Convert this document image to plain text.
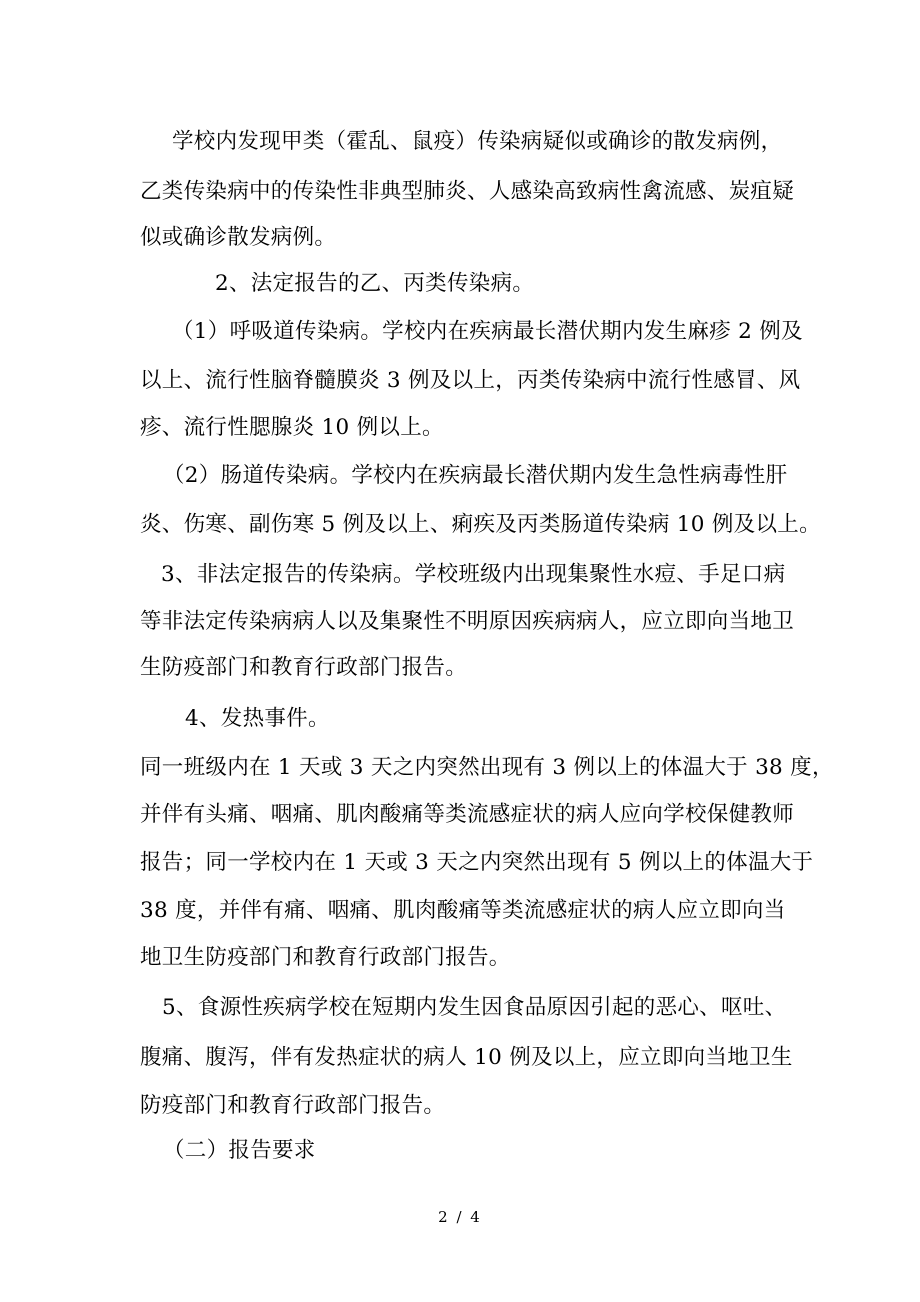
学校内发现甲类（霍乱、鼠疫）传染病疑似或确诊的散发病例，
乙类传染病中的传染性非典型肺炎、人感染高致病性禽流感、炭疽疑
似或确诊散发病例。
2、法定报告的乙、丙类传染病。
（1）呼吸道传染病。学校内在疾病最长潜伏期内发生麻疹 2 例及
以上、流行性脑脊髓膜炎 3 例及以上，丙类传染病中流行性感冒、风
疹、流行性腮腺炎 10 例以上。
（2）肠道传染病。学校内在疾病最长潜伏期内发生急性病毒性肝
炎、伤寒、副伤寒 5 例及以上、痢疾及丙类肠道传染病 10 例及以上。
3、非法定报告的传染病。学校班级内出现集聚性水痘、手足口病
等非法定传染病病人以及集聚性不明原因疾病病人，应立即向当地卫
生防疫部门和教育行政部门报告。
4、发热事件。
同一班级内在 1 天或 3 天之内突然出现有 3 例以上的体温大于 38 度，
并伴有头痛、咽痛、肌肉酸痛等类流感症状的病人应向学校保健教师
报告；同一学校内在 1 天或 3 天之内突然出现有 5 例以上的体温大于
38 度，并伴有痛、咽痛、肌肉酸痛等类流感症状的病人应立即向当
地卫生防疫部门和教育行政部门报告。
5、食源性疾病学校在短期内发生因食品原因引起的恶心、呕吐、
腹痛、腹泻，伴有发热症状的病人 10 例及以上，应立即向当地卫生
防疫部门和教育行政部门报告。
（二）报告要求
2 / 4
